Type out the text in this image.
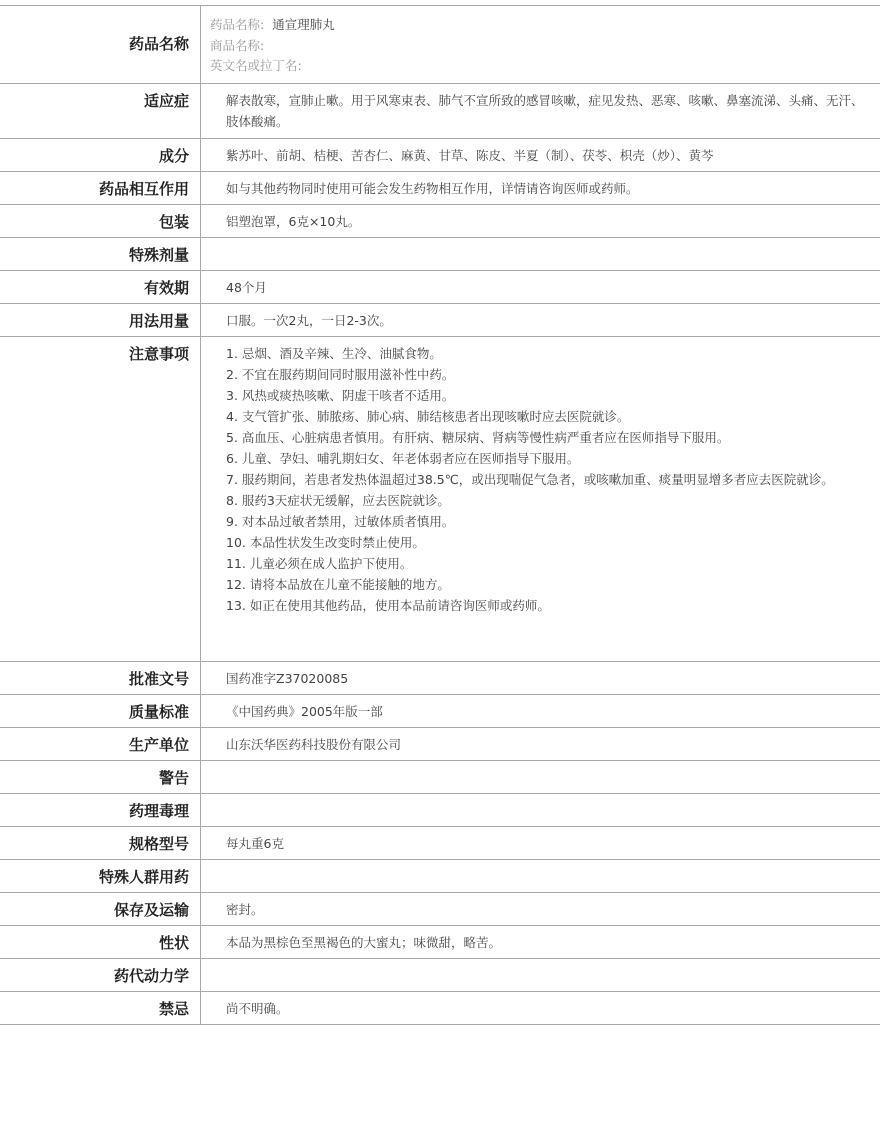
药品名称
药品名称: 通宣理肺丸
商品名称:
英文名或拉丁名:
适应症	解表散寒，宣肺止嗽。用于风寒束表、肺气不宣所致的感冒咳嗽，症见发热、恶寒、咳嗽、鼻塞流涕、头痛、无汗、肢体酸痛。
成分	紫苏叶、前胡、桔梗、苦杏仁、麻黄、甘草、陈皮、半夏（制）、茯苓、枳壳（炒）、黄芩
药品相互作用	如与其他药物同时使用可能会发生药物相互作用，详情请咨询医师或药师。
包装	铝塑泡罩，6克×10丸。
特殊剂量
有效期	48个月
用法用量	口服。一次2丸，一日2-3次。
注意事项	1. 忌烟、酒及辛辣、生冷、油腻食物。
2. 不宜在服药期间同时服用滋补性中药。
3. 风热或痰热咳嗽、阴虚干咳者不适用。
4. 支气管扩张、肺脓疡、肺心病、肺结核患者出现咳嗽时应去医院就诊。
5. 高血压、心脏病患者慎用。有肝病、糖尿病、肾病等慢性病严重者应在医师指导下服用。
6. 儿童、孕妇、哺乳期妇女、年老体弱者应在医师指导下服用。
7. 服药期间，若患者发热体温超过38.5℃，或出现喘促气急者，或咳嗽加重、痰量明显增多者应去医院就诊。
8. 服药3天症状无缓解，应去医院就诊。
9. 对本品过敏者禁用，过敏体质者慎用。
10. 本品性状发生改变时禁止使用。
11. 儿童必须在成人监护下使用。
12. 请将本品放在儿童不能接触的地方。
13. 如正在使用其他药品，使用本品前请咨询医师或药师。
批准文号	国药准字Z37020085
质量标准	《中国药典》2005年版一部
生产单位	山东沃华医药科技股份有限公司
警告
药理毒理
规格型号	每丸重6克
特殊人群用药
保存及运输	密封。
性状	本品为黑棕色至黑褐色的大蜜丸；味微甜，略苦。
药代动力学
禁忌	尚不明确。
